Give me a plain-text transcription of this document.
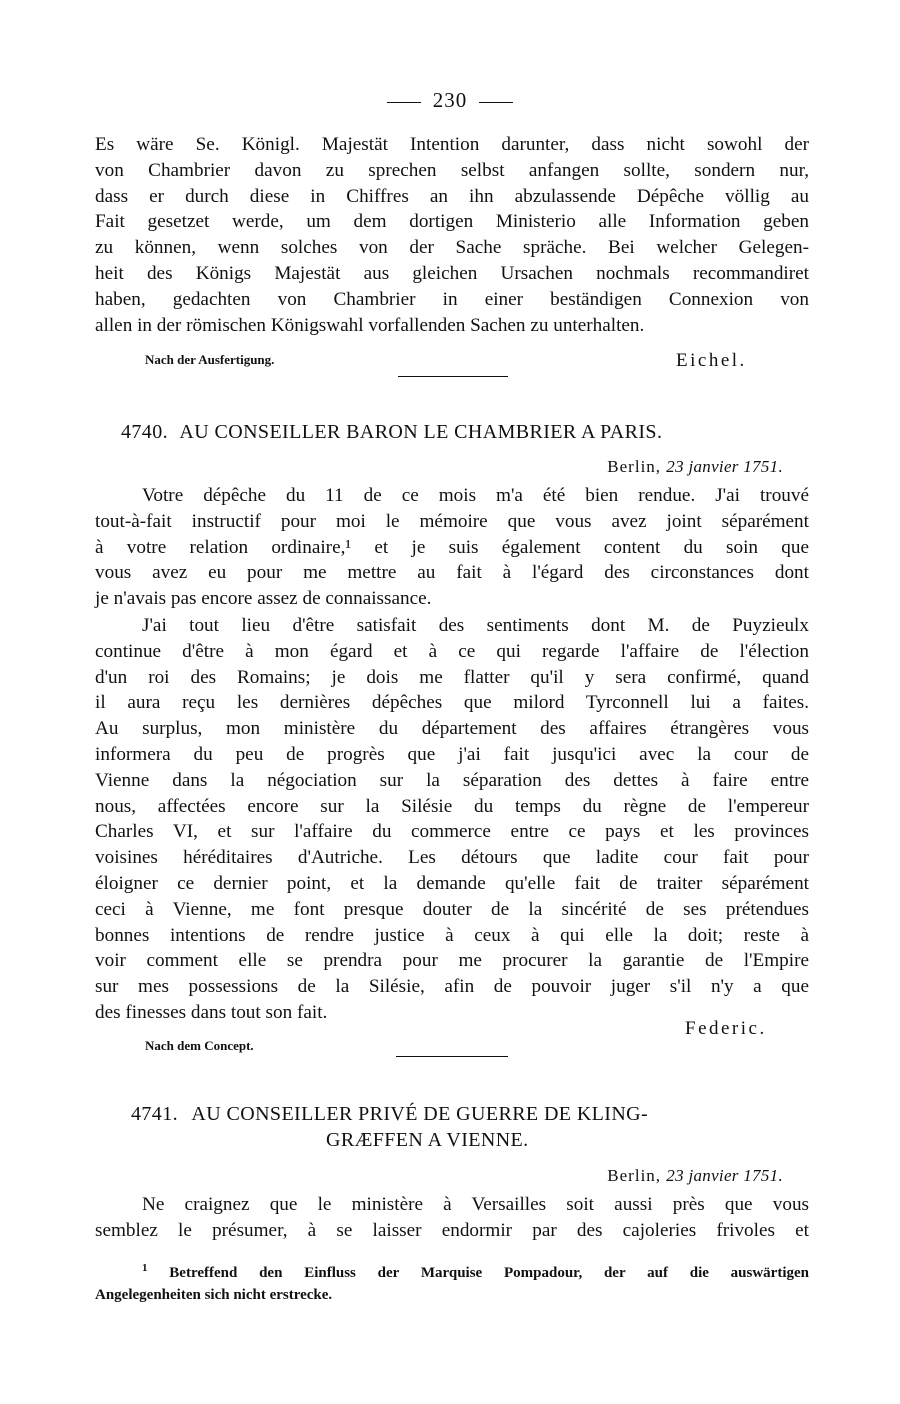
230
Es wäre Se. Königl. Majestät Intention darunter, dass nicht sowohl der
von Chambrier davon zu sprechen selbst anfangen sollte, sondern nur,
dass er durch diese in Chiffres an ihn abzulassende Dépêche völlig au
Fait gesetzet werde, um dem dortigen Ministerio alle Information geben
zu können, wenn solches von der Sache spräche. Bei welcher Gelegen-
heit des Königs Majestät aus gleichen Ursachen nochmals recommandiret
haben, gedachten von Chambrier in einer beständigen Connexion von
allen in der römischen Königswahl vorfallenden Sachen zu unterhalten.
Nach der Ausfertigung.	Eichel.
4740. AU CONSEILLER BARON LE CHAMBRIER A PARIS.
Berlin, 23 janvier 1751.
Votre dépêche du 11 de ce mois m'a été bien rendue. J'ai trouvé
tout-à-fait instructif pour moi le mémoire que vous avez joint séparément
à votre relation ordinaire,¹ et je suis également content du soin que
vous avez eu pour me mettre au fait à l'égard des circonstances dont
je n'avais pas encore assez de connaissance.
J'ai tout lieu d'être satisfait des sentiments dont M. de Puyzieulx
continue d'être à mon égard et à ce qui regarde l'affaire de l'élection
d'un roi des Romains; je dois me flatter qu'il y sera confirmé, quand
il aura reçu les dernières dépêches que milord Tyrconnell lui a faites.
Au surplus, mon ministère du département des affaires étrangères vous
informera du peu de progrès que j'ai fait jusqu'ici avec la cour de
Vienne dans la négociation sur la séparation des dettes à faire entre
nous, affectées encore sur la Silésie du temps du règne de l'empereur
Charles VI, et sur l'affaire du commerce entre ce pays et les provinces
voisines héréditaires d'Autriche. Les détours que ladite cour fait pour
éloigner ce dernier point, et la demande qu'elle fait de traiter séparément
ceci à Vienne, me font presque douter de la sincérité de ses prétendues
bonnes intentions de rendre justice à ceux à qui elle la doit; reste à
voir comment elle se prendra pour me procurer la garantie de l'Empire
sur mes possessions de la Silésie, afin de pouvoir juger s'il n'y a que
des finesses dans tout son fait.
Federic.
Nach dem Concept.
4741. AU CONSEILLER PRIVÉ DE GUERRE DE KLING-
GRÆFFEN A VIENNE.
Berlin, 23 janvier 1751.
Ne craignez que le ministère à Versailles soit aussi près que vous
semblez le présumer, à se laisser endormir par des cajoleries frivoles et
$^1$ Betreffend den Einfluss der Marquise Pompadour, der auf die auswärtigen
Angelegenheiten sich nicht erstrecke.
